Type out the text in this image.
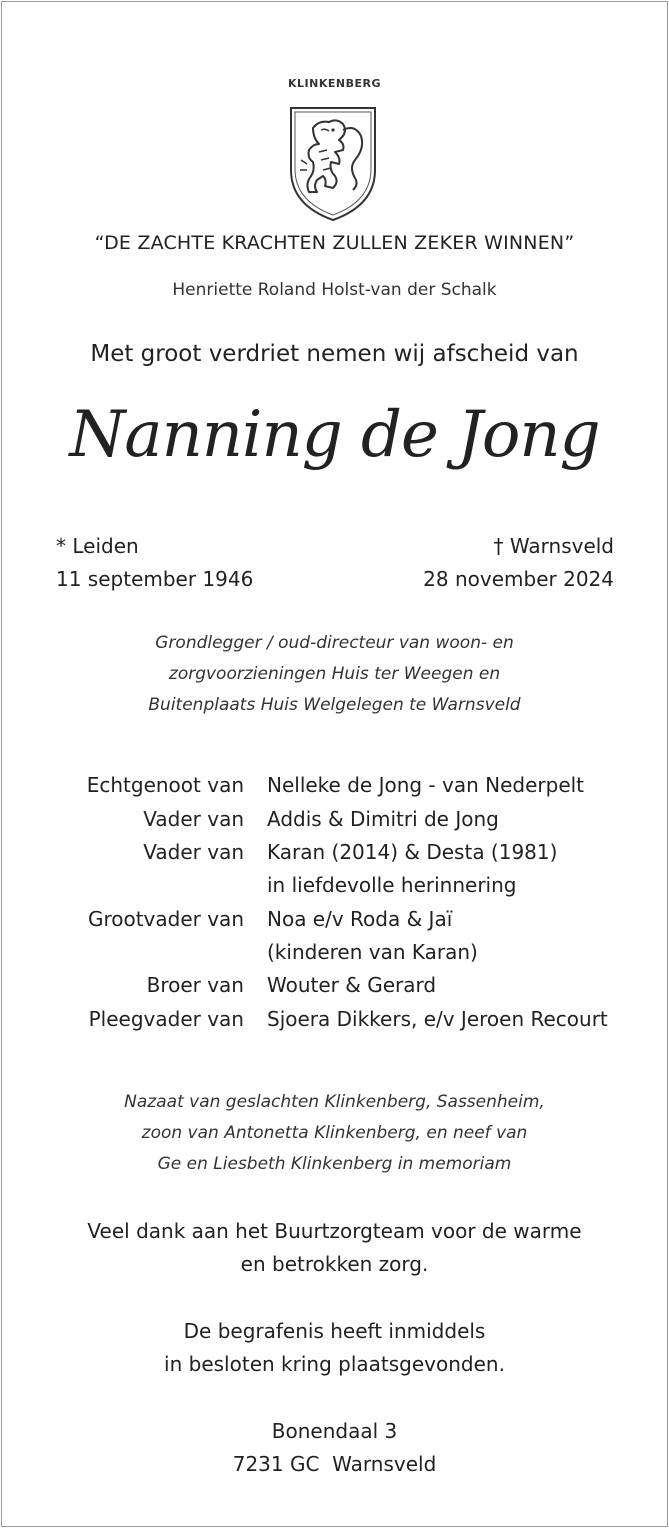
KLINKENBERG
“DE ZACHTE KRACHTEN ZULLEN ZEKER WINNEN”
Henriette Roland Holst-van der Schalk
Met groot verdriet nemen wij afscheid van
Nanning de Jong
* Leiden
11 september 1946
† Warnsveld
28 november 2024
Grondlegger / oud-directeur van woon- en
zorgvoorzieningen Huis ter Weegen en
Buitenplaats Huis Welgelegen te Warnsveld
Echtgenoot van Nelleke de Jong - van Nederpelt
Vader van Addis & Dimitri de Jong
Vader van Karan (2014) & Desta (1981)
in liefdevolle herinnering
Grootvader van Noa e/v Roda & Jaï
(kinderen van Karan)
Broer van Wouter & Gerard
Pleegvader van Sjoera Dikkers, e/v Jeroen Recourt
Nazaat van geslachten Klinkenberg, Sassenheim,
zoon van Antonetta Klinkenberg, en neef van
Ge en Liesbeth Klinkenberg in memoriam
Veel dank aan het Buurtzorgteam voor de warme
en betrokken zorg.
De begrafenis heeft inmiddels
in besloten kring plaatsgevonden.
Bonendaal 3
7231 GC  Warnsveld
